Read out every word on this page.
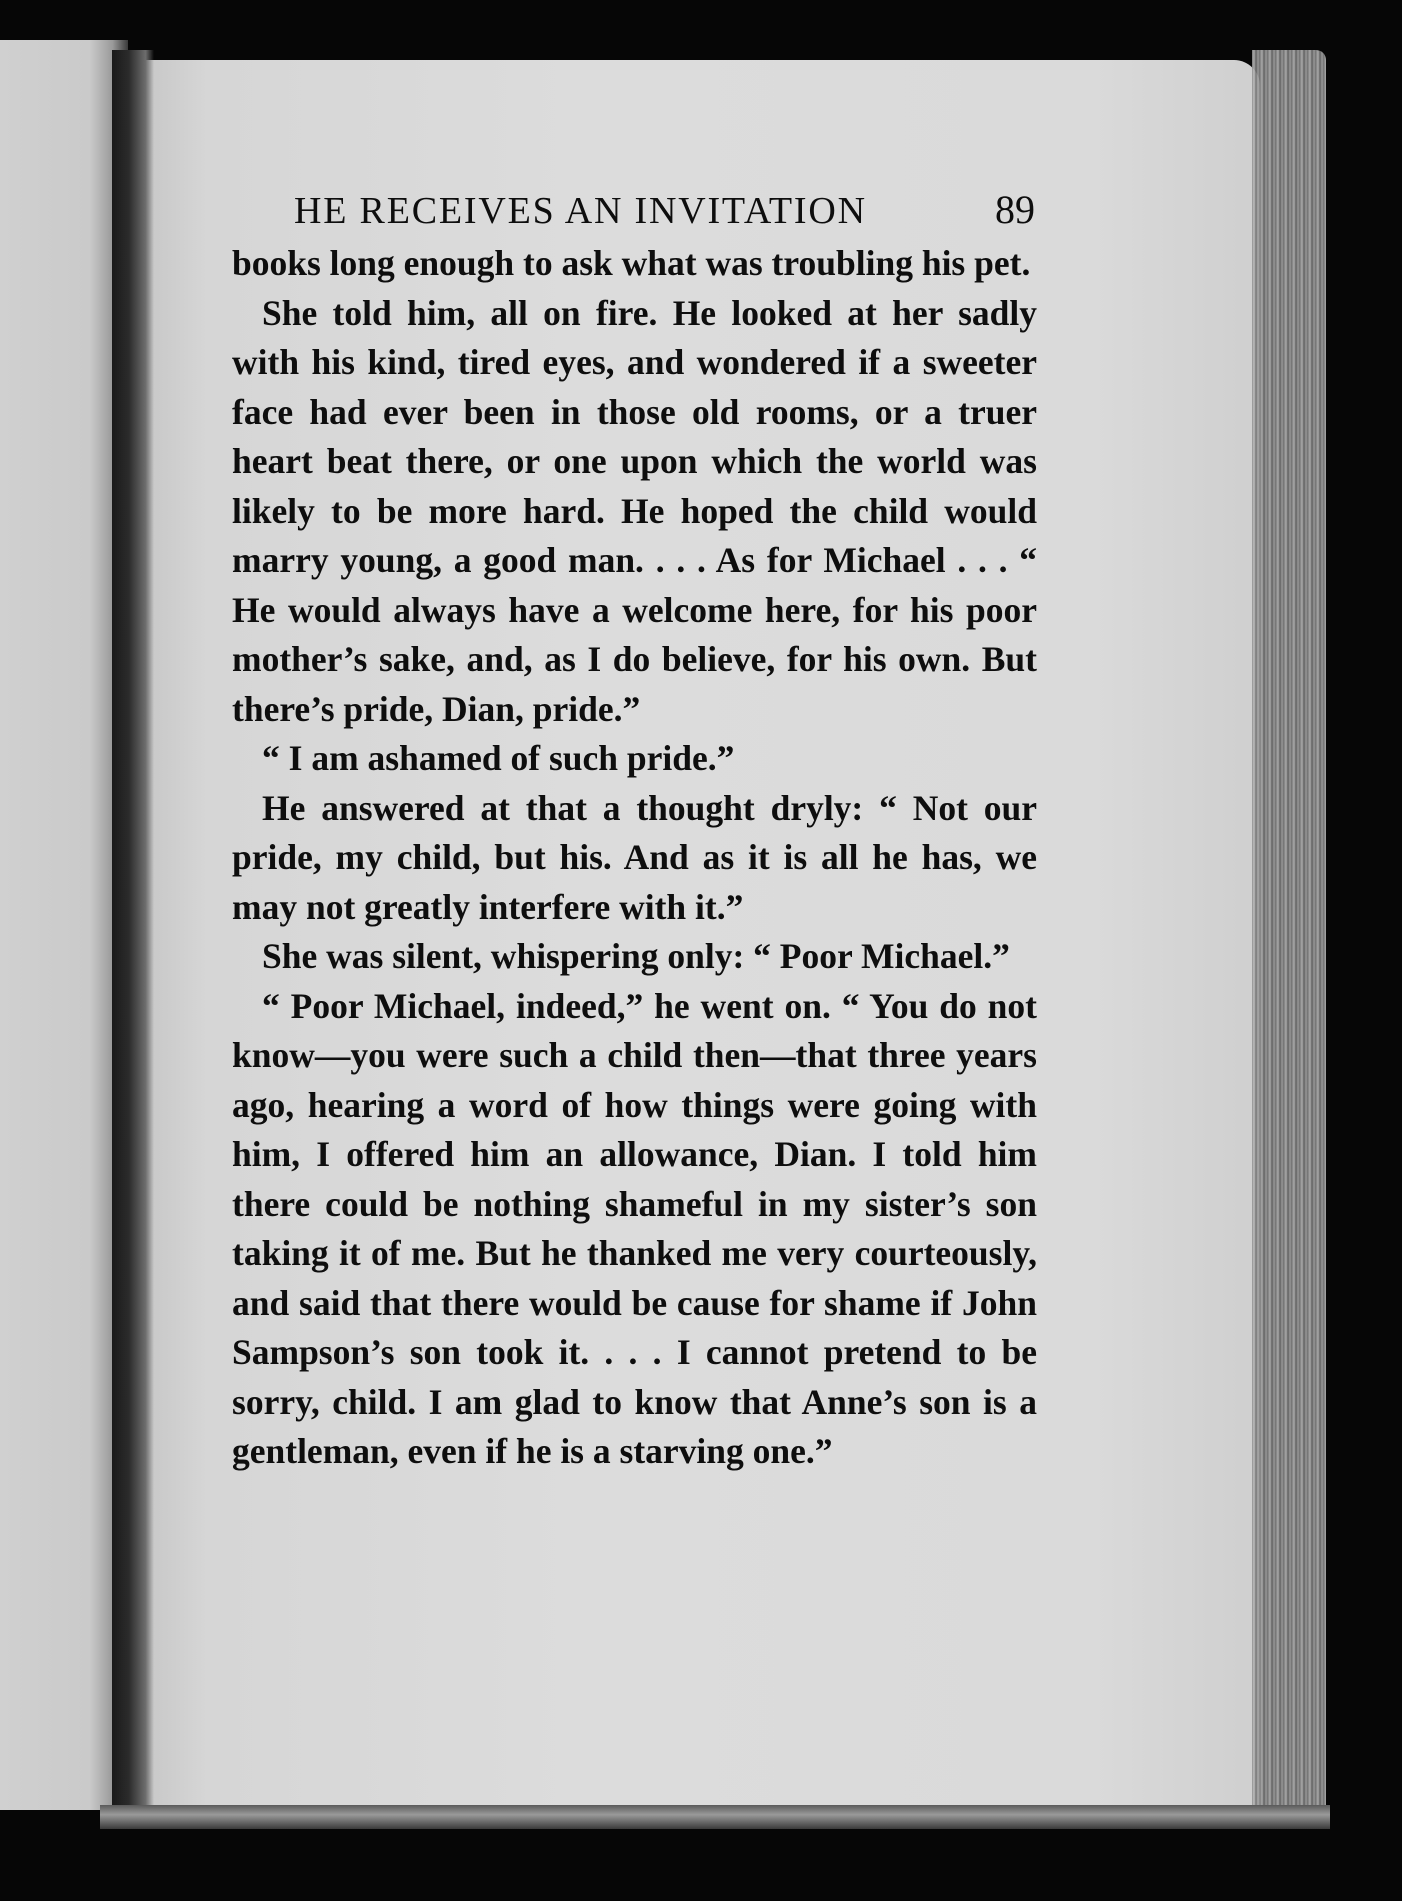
HE RECEIVES AN INVITATION	89

books long enough to ask what was troubling his pet.

She told him, all on fire. He looked at her sadly with his kind, tired eyes, and wondered if a sweeter face had ever been in those old rooms, or a truer heart beat there, or one upon which the world was likely to be more hard. He hoped the child would marry young, a good man. . . . As for Michael . . . “ He would always have a welcome here, for his poor mother’s sake, and, as I do believe, for his own. But there’s pride, Dian, pride.”

“ I am ashamed of such pride.”

He answered at that a thought dryly: “ Not our pride, my child, but his. And as it is all he has, we may not greatly interfere with it.”

She was silent, whispering only: “ Poor Michael.”

“ Poor Michael, indeed,” he went on. “ You do not know—you were such a child then—that three years ago, hearing a word of how things were going with him, I offered him an allowance, Dian. I told him there could be nothing shameful in my sister’s son taking it of me. But he thanked me very courteously, and said that there would be cause for shame if John Sampson’s son took it. . . . I cannot pretend to be sorry, child. I am glad to know that Anne’s son is a gentleman, even if he is a starving one.”
